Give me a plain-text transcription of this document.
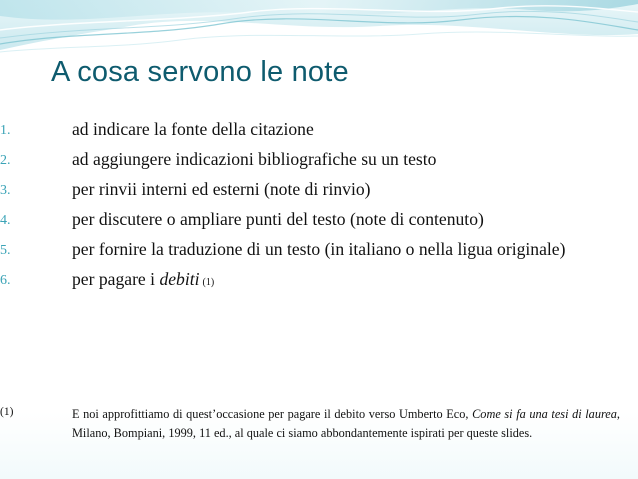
A cosa servono le note
1.	ad indicare la fonte della citazione
2.	ad aggiungere indicazioni bibliografiche su un testo
3.	per rinvii interni ed esterni (note di rinvio)
4.	per discutere o ampliare punti del testo (note di contenuto)
5.	per fornire la traduzione di un testo (in italiano o nella ligua originale)
6.	per pagare i debiti (1)
(1)	E noi approfittiamo di quest’occasione per pagare il debito verso Umberto Eco, Come si fa una tesi di laurea, Milano, Bompiani, 1999, 11 ed., al quale ci siamo abbondantemente ispirati per queste slides.
